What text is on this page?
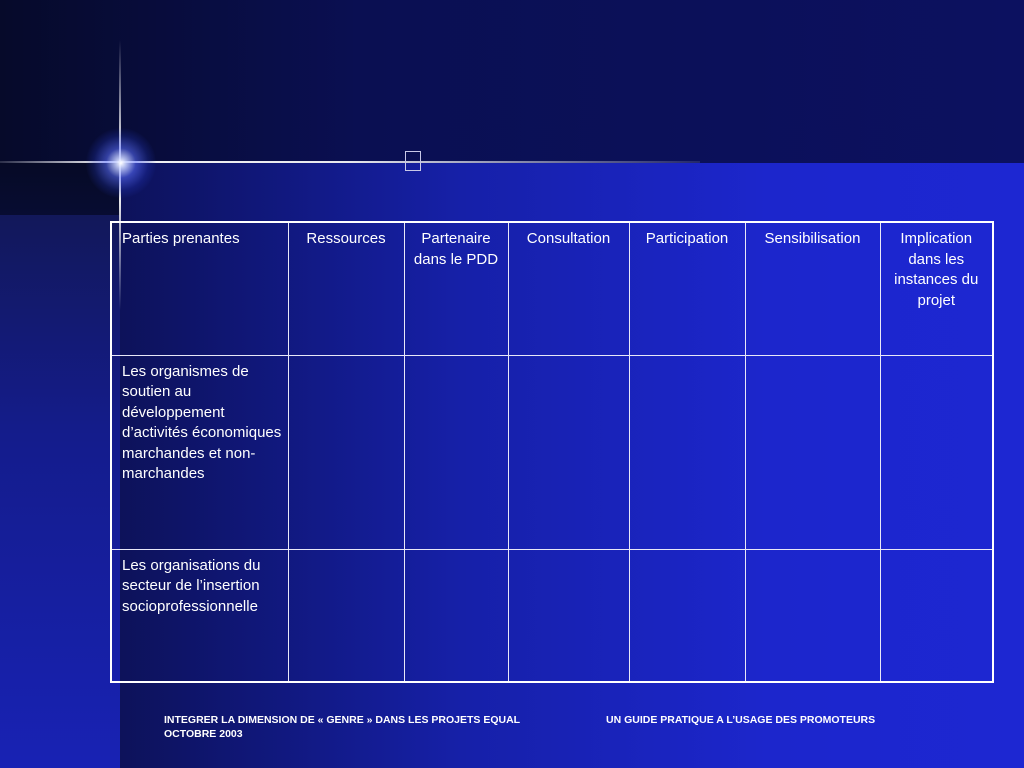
Parties prenantes	Ressources	Partenaire dans le PDD	Consultation	Participation	Sensibilisation	Implication dans les instances du projet
Les organismes de soutien au développement d’activités économiques marchandes et non-marchandes						
Les organisations du secteur de l’insertion socioprofessionnelle						
INTEGRER LA DIMENSION DE « GENRE » DANS LES PROJETS EQUAL
OCTOBRE 2003
UN GUIDE PRATIQUE A L’USAGE DES PROMOTEURS
